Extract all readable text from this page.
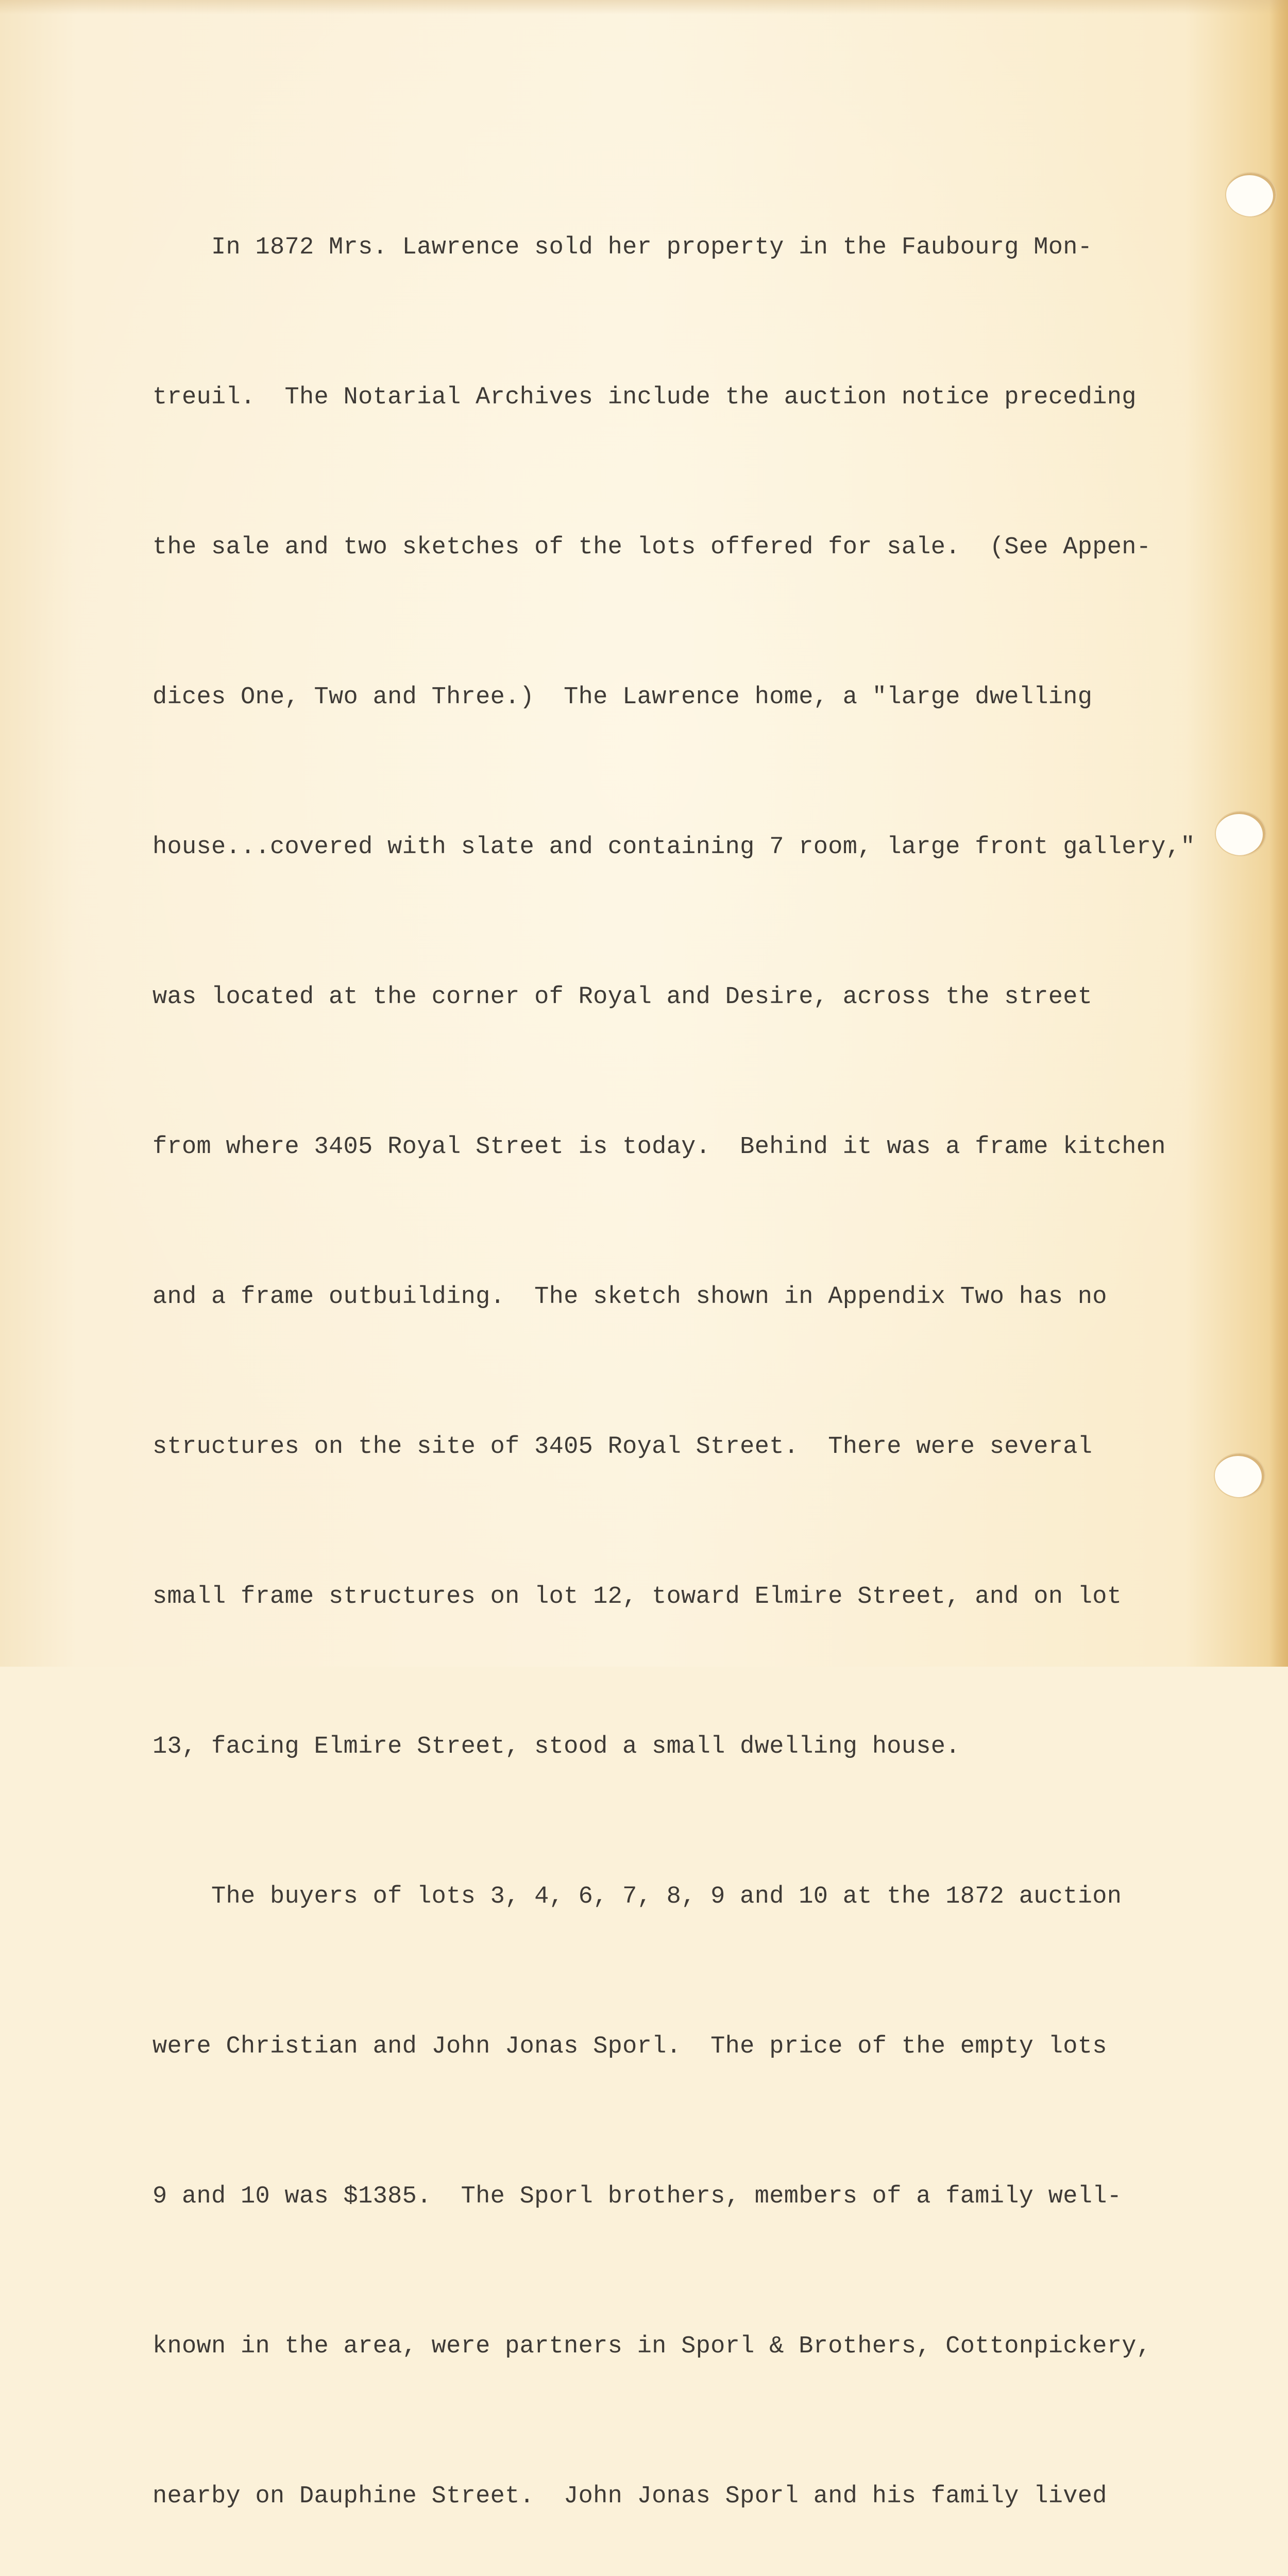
In 1872 Mrs. Lawrence sold her property in the Faubourg Mon-

treuil.  The Notarial Archives include the auction notice preceding

the sale and two sketches of the lots offered for sale.  (See Appen-

dices One, Two and Three.)  The Lawrence home, a "large dwelling

house...covered with slate and containing 7 room, large front gallery,"

was located at the corner of Royal and Desire, across the street

from where 3405 Royal Street is today.  Behind it was a frame kitchen

and a frame outbuilding.  The sketch shown in Appendix Two has no

structures on the site of 3405 Royal Street.  There were several

small frame structures on lot 12, toward Elmire Street, and on lot

13, facing Elmire Street, stood a small dwelling house.

The buyers of lots 3, 4, 6, 7, 8, 9 and 10 at the 1872 auction

were Christian and John Jonas Sporl.  The price of the empty lots

9 and 10 was $1385.  The Sporl brothers, members of a family well-

known in the area, were partners in Sporl & Brothers, Cottonpickery,

nearby on Dauphine Street.  John Jonas Sporl and his family lived
